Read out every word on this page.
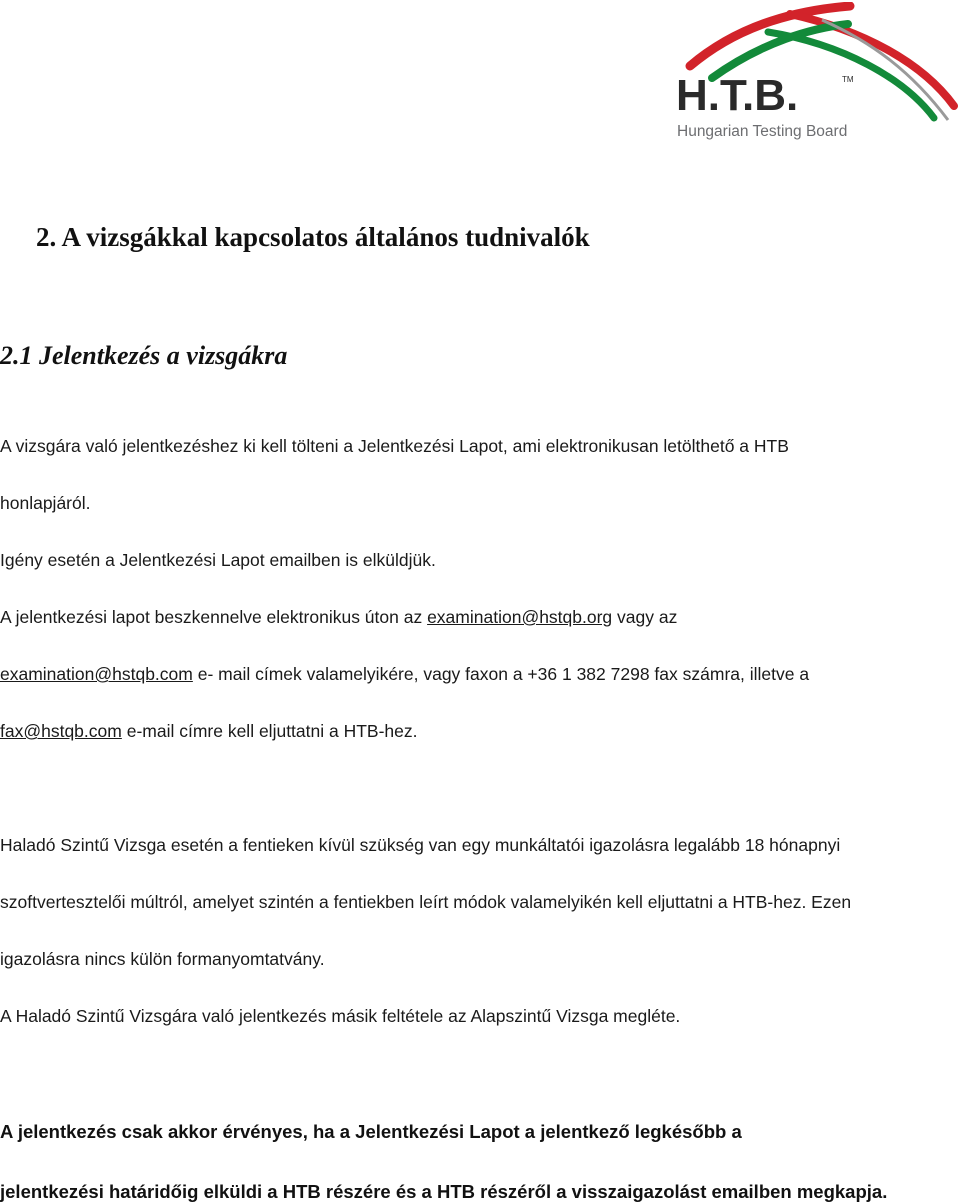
H.T.B.	TM
Hungarian Testing Board
2. A vizsgákkal kapcsolatos általános tudnivalók
2.1 Jelentkezés a vizsgákra

A vizsgára való jelentkezéshez ki kell tölteni a Jelentkezési Lapot, ami elektronikusan letölthető a HTB

honlapjáról.

Igény esetén a Jelentkezési Lapot emailben is elküldjük.

A jelentkezési lapot beszkennelve elektronikus úton az examination@hstqb.org vagy az

examination@hstqb.com e- mail címek valamelyikére, vagy faxon a +36 1 382 7298 fax számra, illetve a

fax@hstqb.com e-mail címre kell eljuttatni a HTB-hez.

Haladó Szintű Vizsga esetén a fentieken kívül szükség van egy munkáltatói igazolásra legalább 18 hónapnyi

szoftvertesztelői múltról, amelyet szintén a fentiekben leírt módok valamelyikén kell eljuttatni a HTB-hez. Ezen

igazolásra nincs külön formanyomtatvány.

A Haladó Szintű Vizsgára való jelentkezés másik feltétele az Alapszintű Vizsga megléte.

A jelentkezés csak akkor érvényes, ha a Jelentkezési Lapot a jelentkező legkésőbb a

jelentkezési határidőig elküldi a HTB részére és a HTB részéről a visszaigazolást emailben megkapja.
